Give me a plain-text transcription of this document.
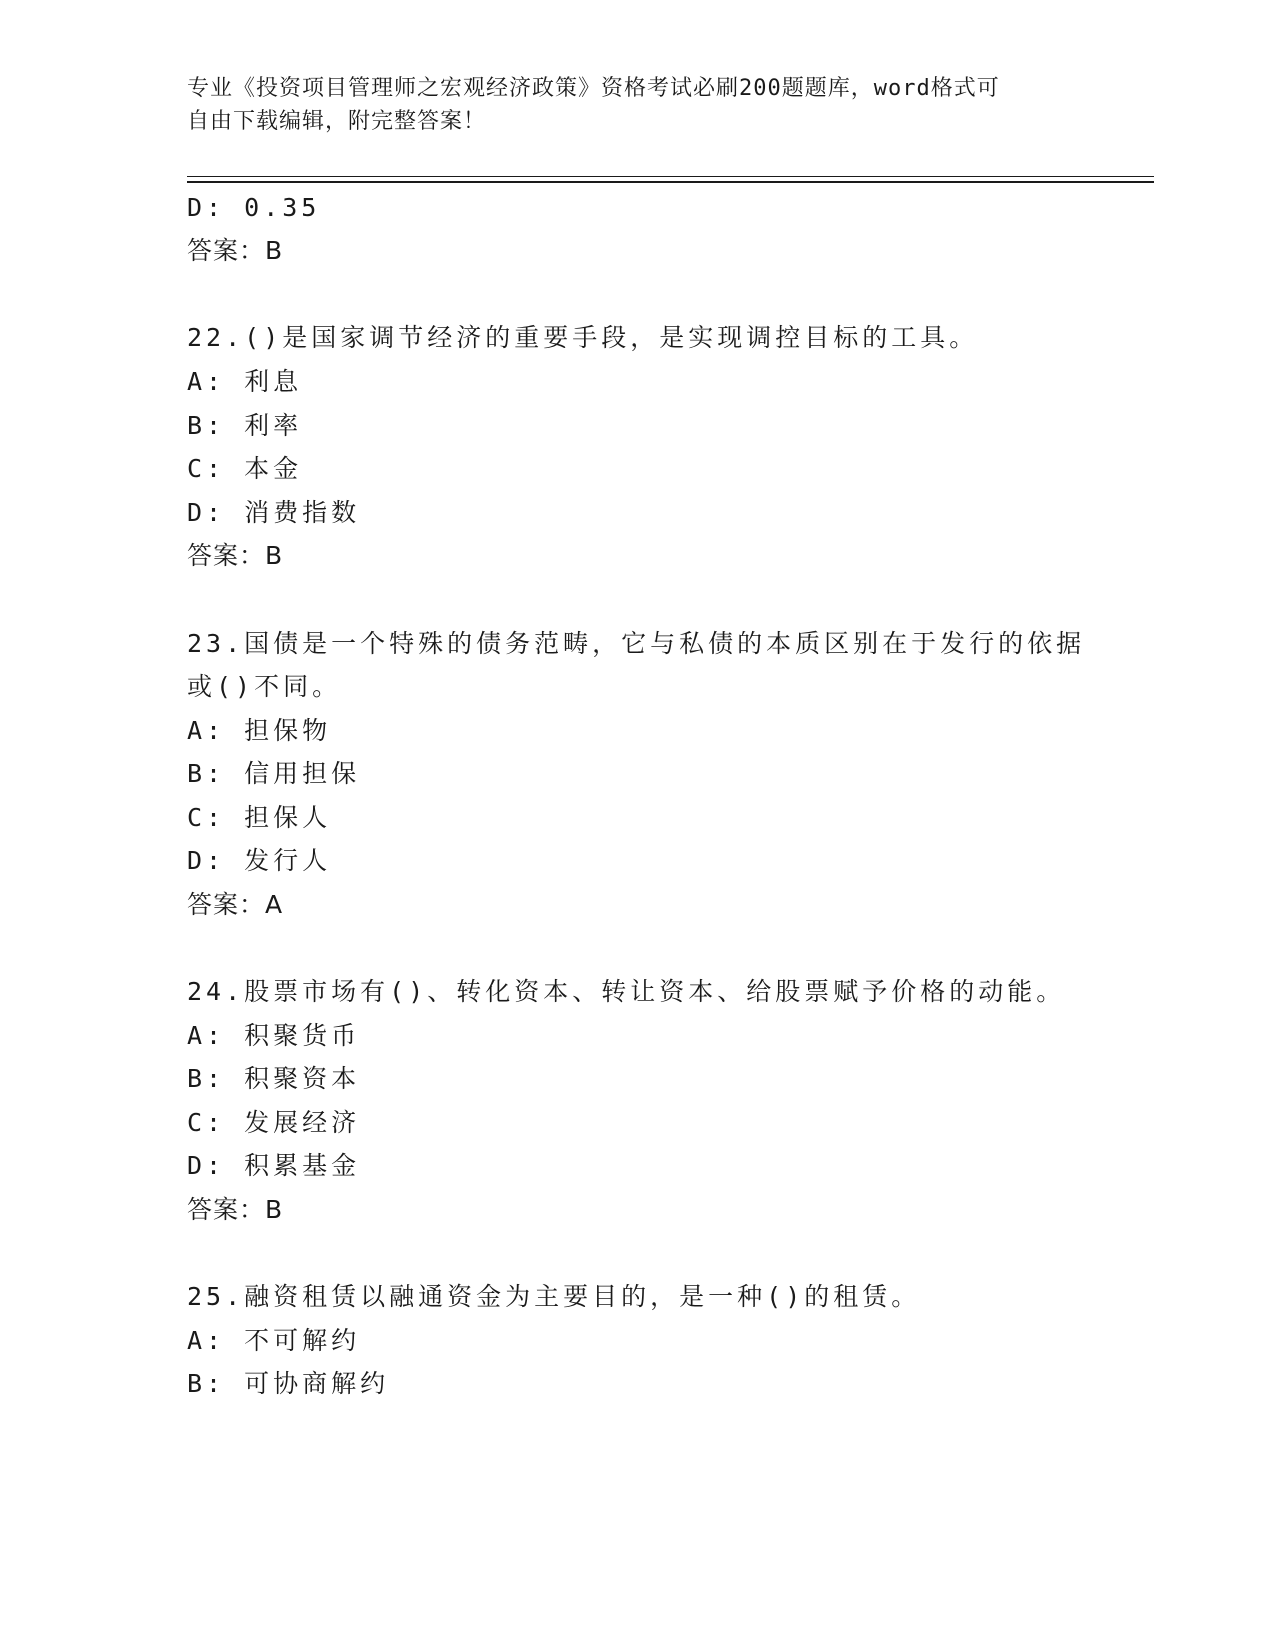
专业《投资项目管理师之宏观经济政策》资格考试必刷200题题库，word格式可
自由下载编辑，附完整答案！
D: 0.35
答案：B
22.()是国家调节经济的重要手段，是实现调控目标的工具。
A: 利息
B: 利率
C: 本金
D: 消费指数
答案：B
23.国债是一个特殊的债务范畴，它与私债的本质区别在于发行的依据
或()不同。
A: 担保物
B: 信用担保
C: 担保人
D: 发行人
答案：A
24.股票市场有()、转化资本、转让资本、给股票赋予价格的动能。
A: 积聚货币
B: 积聚资本
C: 发展经济
D: 积累基金
答案：B
25.融资租赁以融通资金为主要目的，是一种()的租赁。
A: 不可解约
B: 可协商解约
